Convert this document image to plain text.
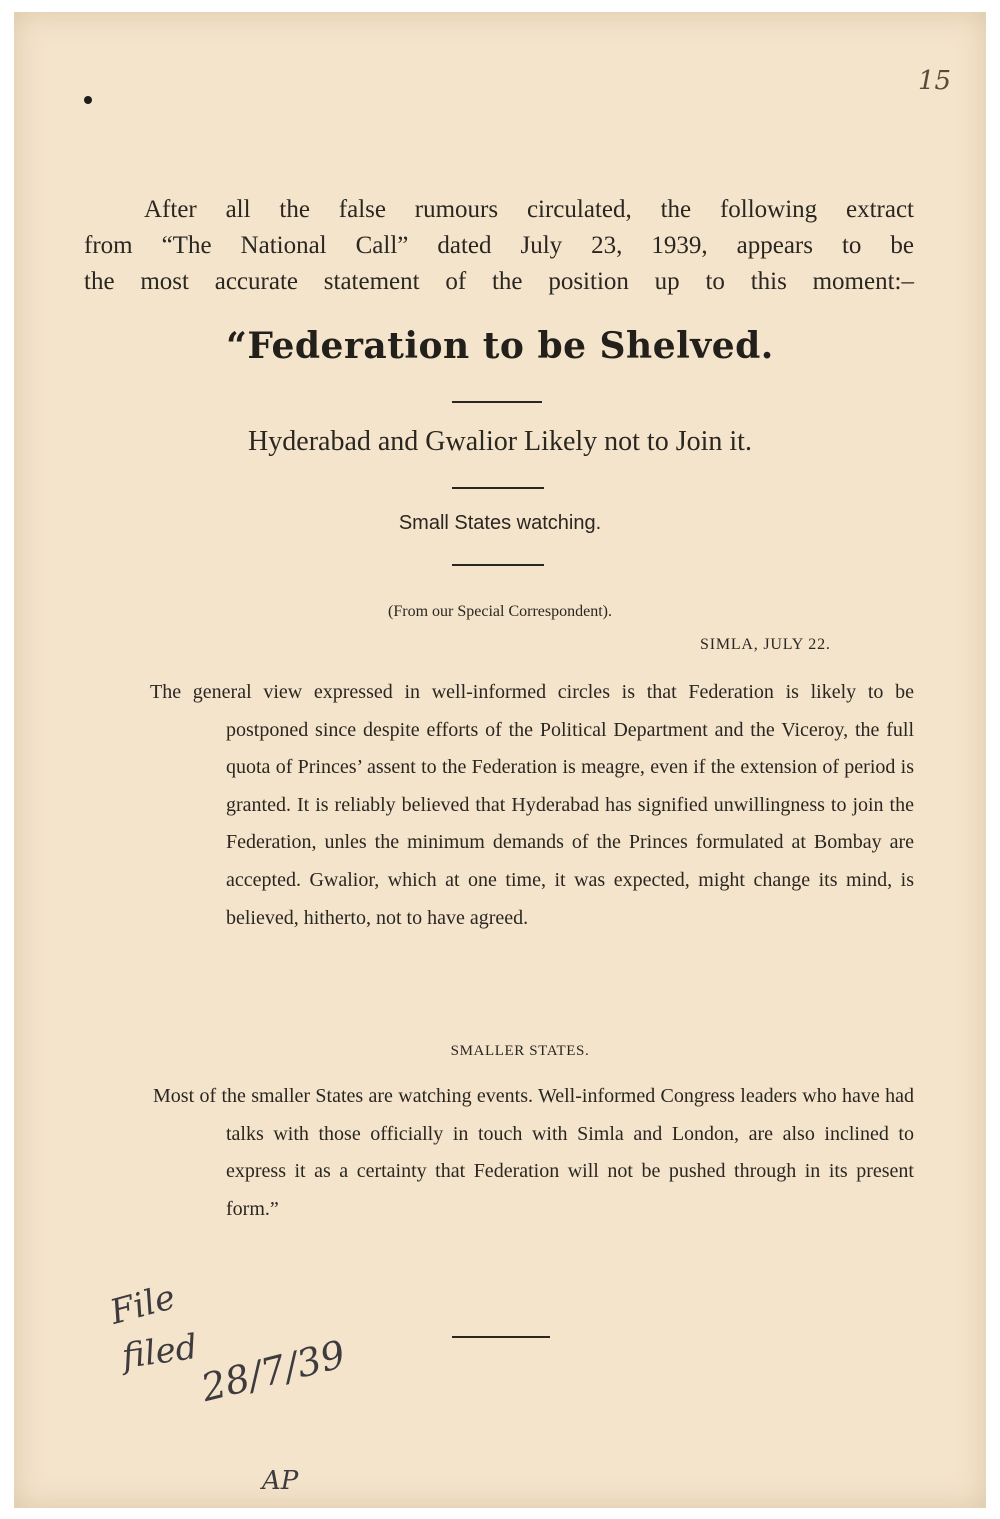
15

After all the false rumours circulated, the following extract

from “The National Call” dated July 23, 1939, appears to be

the most accurate statement of the position up to this moment:–

“Federation to be Shelved.
Hyderabad and Gwalior Likely not to Join it.
Small States watching.
(From our Special Correspondent).
SIMLA, JULY 22.
The general view expressed in well-informed circles is that Federation is likely to be postponed since despite efforts of the Political Department and the Viceroy, the full quota of Princes’ assent to the Federation is meagre, even if the extension of period is granted. It is reliably believed that Hyderabad has signified unwillingness to join the Federation, unles the minimum demands of the Princes formulated at Bombay are accepted. Gwalior, which at one time, it was expected, might change its mind, is believed, hitherto, not to have agreed.
SMALLER STATES.
Most of the smaller States are watching events. Well-informed Congress leaders who have had talks with those officially in touch with Simla and London, are also inclined to express it as a certainty that Federation will not be pushed through in its present form.”
File
filed
28/7/39
AP
